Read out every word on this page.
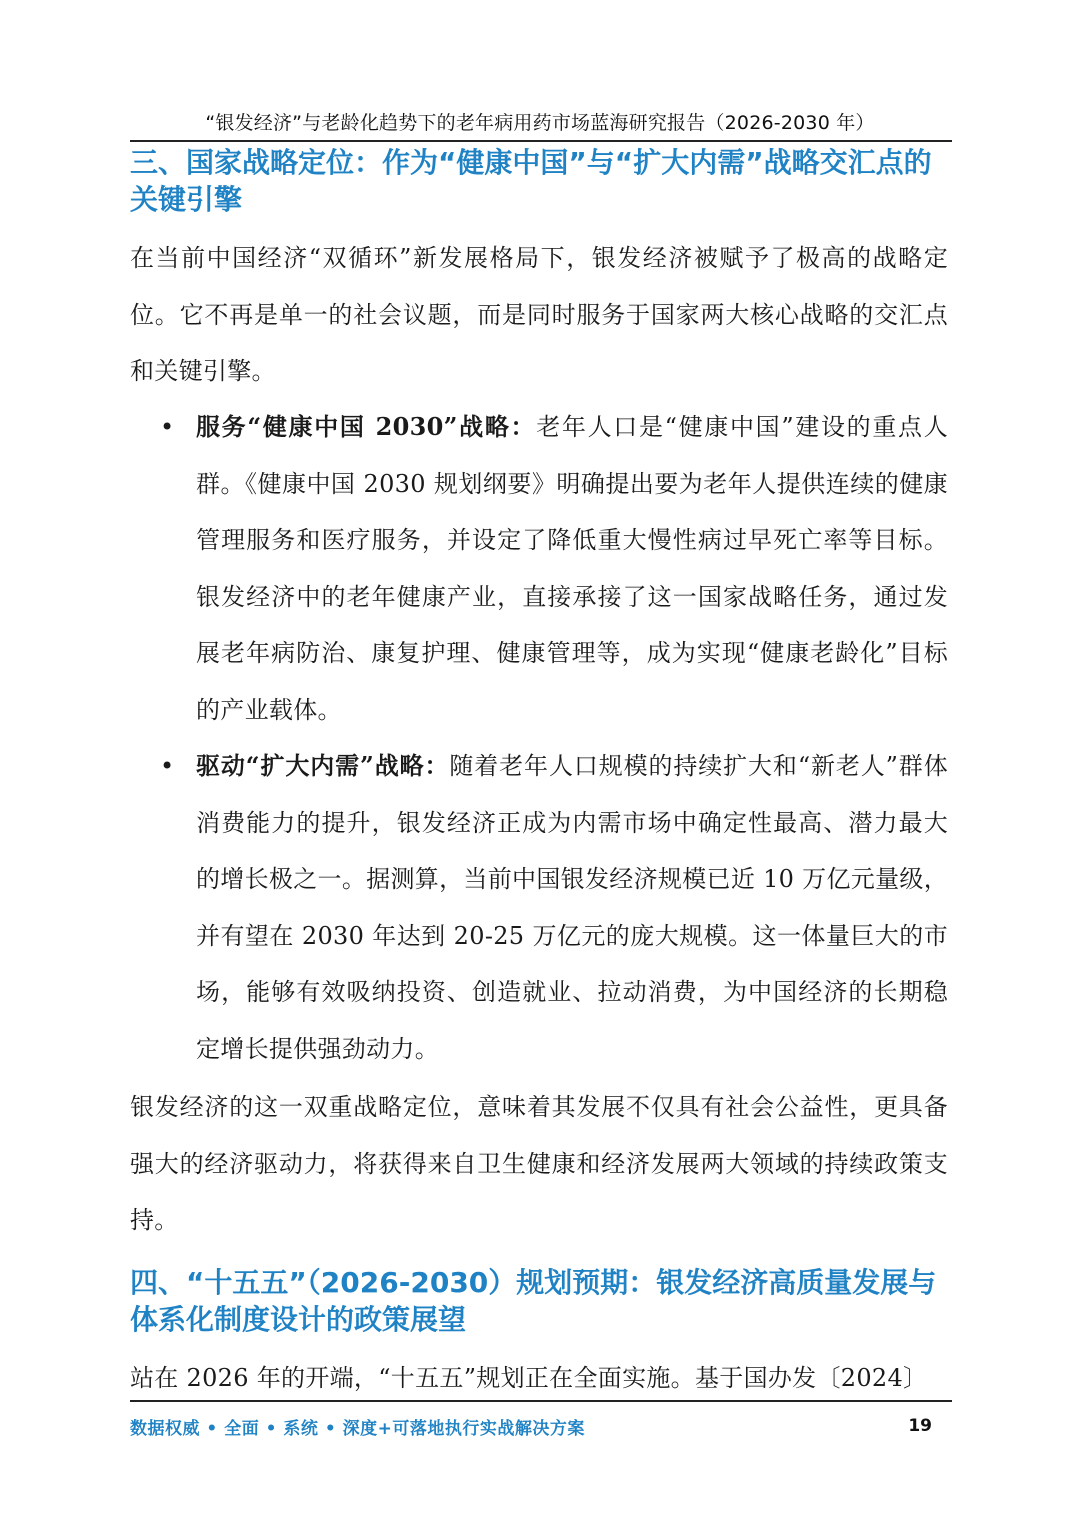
“银发经济”与老龄化趋势下的老年病用药市场蓝海研究报告（2026-2030 年）
三、国家战略定位：作为“健康中国”与“扩大内需”战略交汇点的关键引擎

在当前中国经济“双循环”新发展格局下，银发经济被赋予了极高的战略定位。它不再是单一的社会议题，而是同时服务于国家两大核心战略的交汇点和关键引擎。

• 服务“健康中国 2030”战略：老年人口是“健康中国”建设的重点人群。《健康中国 2030 规划纲要》明确提出要为老年人提供连续的健康管理服务和医疗服务，并设定了降低重大慢性病过早死亡率等目标。银发经济中的老年健康产业，直接承接了这一国家战略任务，通过发展老年病防治、康复护理、健康管理等，成为实现“健康老龄化”目标的产业载体。
• 驱动“扩大内需”战略：随着老年人口规模的持续扩大和“新老人”群体消费能力的提升，银发经济正成为内需市场中确定性最高、潜力最大的增长极之一。据测算，当前中国银发经济规模已近 10 万亿元量级，并有望在 2030 年达到 20-25 万亿元的庞大规模。这一体量巨大的市场，能够有效吸纳投资、创造就业、拉动消费，为中国经济的长期稳定增长提供强劲动力。

银发经济的这一双重战略定位，意味着其发展不仅具有社会公益性，更具备强大的经济驱动力，将获得来自卫生健康和经济发展两大领域的持续政策支持。

四、“十五五”（2026-2030）规划预期：银发经济高质量发展与体系化制度设计的政策展望

站在 2026 年的开端，“十五五”规划正在全面实施。基于国办发〔2024〕

数据权威 • 全面 • 系统 • 深度+可落地执行实战解决方案	19
